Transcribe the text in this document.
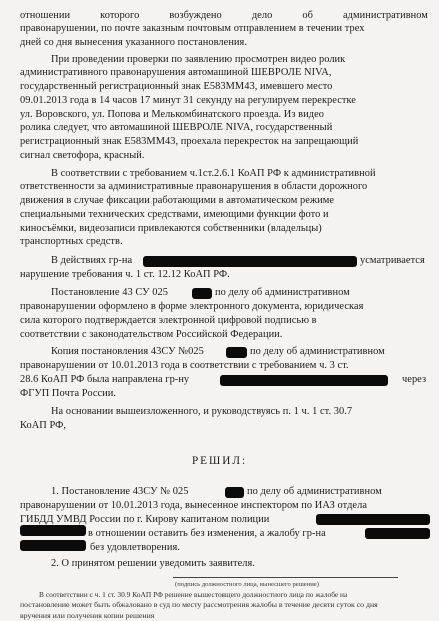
отношении	которого	возбуждено	дело	об	административном
правонарушении, по почте заказным почтовым отправлением в течении трех
дней со дня вынесения указанного постановления.
При проведении проверки по заявлению просмотрен видео ролик
административного правонарушения автомашиной ШЕВРОЛЕ NIVA,
государственный регистрационный знак Е583ММ43, имевшего место
09.01.2013 года в 14 часов 17 минут 31 секунду на регулируем перекрестке
ул. Воровского, ул. Попова и Мелькомбинатского проезда. Из видео
ролика следует, что автомашиной ШЕВРОЛЕ NIVA, государственный
регистрационный знак Е583ММ43, проехала перекресток на запрещающий
сигнал светофора, красный.
В соответствии с требованием ч.1ст.2.6.1 КоАП РФ к административной
ответственности за административные правонарушения в области дорожного
движения в случае фиксации работающими в автоматическом режиме
специальными технических средствами, имеющими функции фото и
киносъёмки, видеозаписи привлекаются собственники (владельцы)
транспортных средств.
В действиях гр-на	усматривается
нарушение требования ч. 1 ст. 12.12 КоАП РФ.
Постановление 43 СУ 025	по делу об административном
правонарушении оформлено в форме электронного документа, юридическая
сила которого подтверждается электронной цифровой подписью в
соответствии с законодательством Российской Федерации.
Копия постановления 43СУ №025	по делу об административном
правонарушении от 10.01.2013 года в соответствии с требованием ч. 3 ст.
28.6 КоАП РФ была направлена гр-ну	через
ФГУП Почта России.
На основании вышеизложенного, и руководствуясь п. 1 ч. 1 ст. 30.7
КоАП РФ,
РЕШИЛ:
1. Постановление 43СУ № 025	по делу об административном
правонарушении от 10.01.2013 года, вынесенное инспектором по ИАЗ отдела
ГИБДД УМВД России по г. Кирову капитаном полиции
в отношении оставить без изменения, а жалобу гр-на
без удовлетворения.
2. О принятом решении уведомить заявителя.
(подпись должностного лица, вынесшего решение)
В соответствии с ч. 1 ст. 30.9 КоАП РФ решение вышестоящего должностного лица по жалобе на
постановление может быть обжаловано в суд по месту рассмотрения жалобы в течение десяти суток со дня
вручения или получения копии решения
